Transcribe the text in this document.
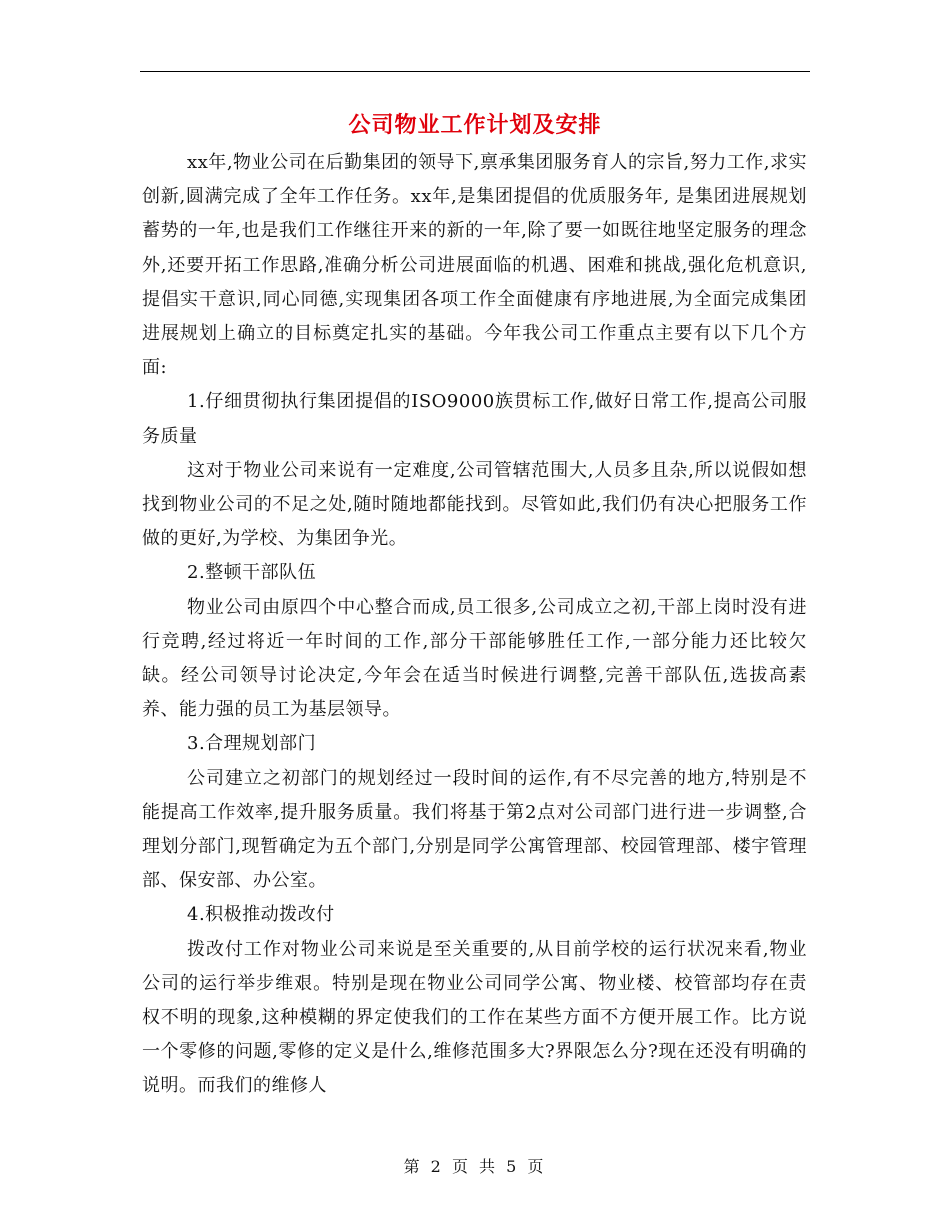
公司物业工作计划及安排

xx年,物业公司在后勤集团的领导下,禀承集团服务育人的宗旨,努力工作,求实创新,圆满完成了全年工作任务。xx年,是集团提倡的优质服务年, 是集团进展规划蓄势的一年,也是我们工作继往开来的新的一年,除了要一如既往地坚定服务的理念外,还要开拓工作思路,准确分析公司进展面临的机遇、困难和挑战,强化危机意识,提倡实干意识,同心同德,实现集团各项工作全面健康有序地进展,为全面完成集团进展规划上确立的目标奠定扎实的基础。今年我公司工作重点主要有以下几个方面:

1.仔细贯彻执行集团提倡的ISO9000族贯标工作,做好日常工作,提高公司服务质量

这对于物业公司来说有一定难度,公司管辖范围大,人员多且杂,所以说假如想找到物业公司的不足之处,随时随地都能找到。尽管如此,我们仍有决心把服务工作做的更好,为学校、为集团争光。

2.整顿干部队伍

物业公司由原四个中心整合而成,员工很多,公司成立之初,干部上岗时没有进行竞聘,经过将近一年时间的工作,部分干部能够胜任工作,一部分能力还比较欠缺。经公司领导讨论决定,今年会在适当时候进行调整,完善干部队伍,选拔高素养、能力强的员工为基层领导。

3.合理规划部门

公司建立之初部门的规划经过一段时间的运作,有不尽完善的地方,特别是不能提高工作效率,提升服务质量。我们将基于第2点对公司部门进行进一步调整,合理划分部门,现暂确定为五个部门,分别是同学公寓管理部、校园管理部、楼宇管理部、保安部、办公室。

4.积极推动拨改付

拨改付工作对物业公司来说是至关重要的,从目前学校的运行状况来看,物业公司的运行举步维艰。特别是现在物业公司同学公寓、物业楼、校管部均存在责权不明的现象,这种模糊的界定使我们的工作在某些方面不方便开展工作。比方说一个零修的问题,零修的定义是什么,维修范围多大?界限怎么分?现在还没有明确的说明。而我们的维修人

第 2 页 共 5 页
